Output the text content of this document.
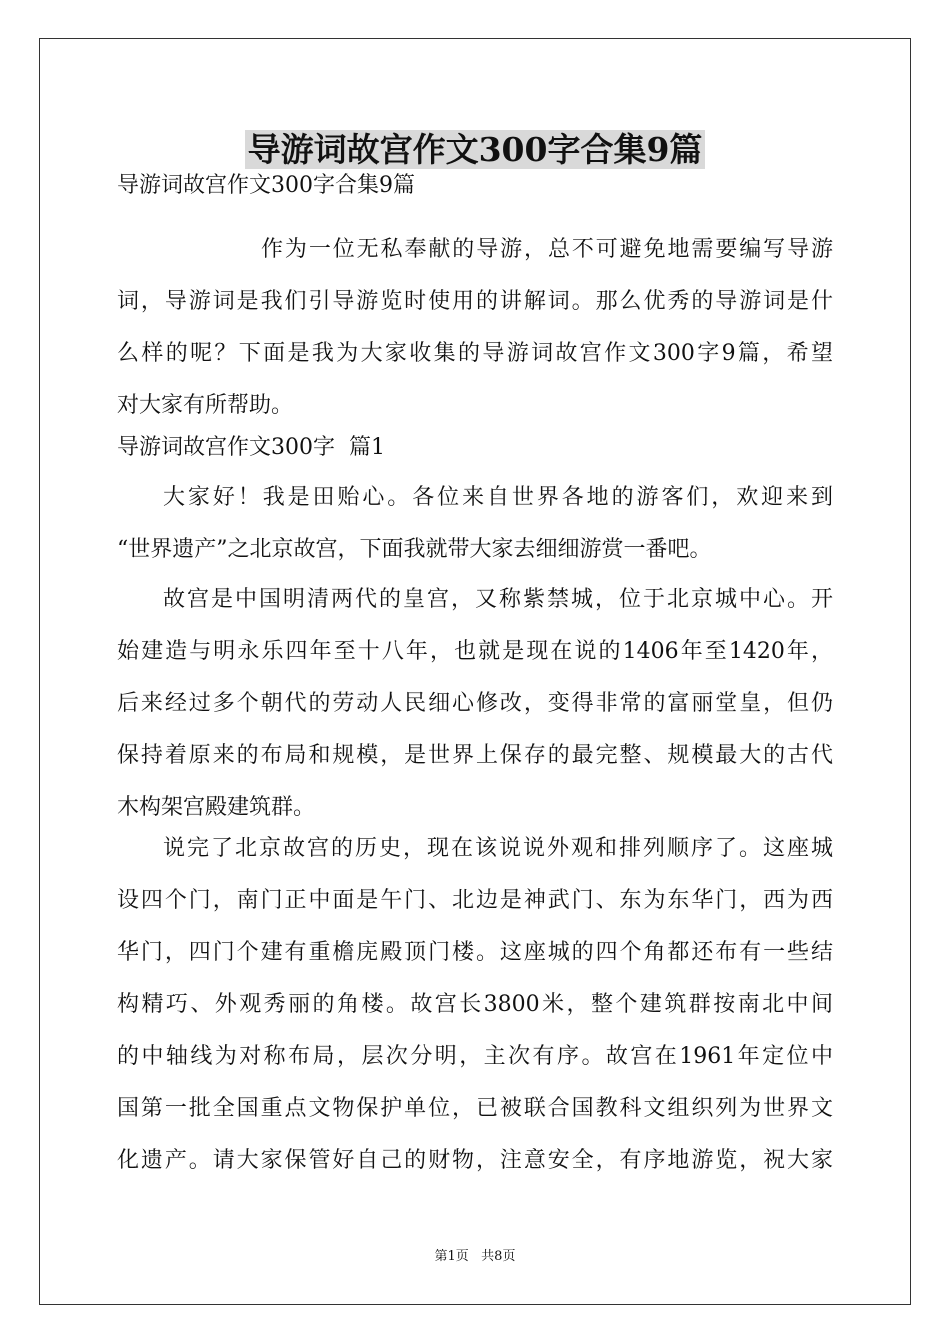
导游词故宫作文300字合集9篇
导游词故宫作文300字合集9篇
作为一位无私奉献的导游，总不可避免地需要编写导游
词，导游词是我们引导游览时使用的讲解词。那么优秀的导游词是什
么样的呢？下面是我为大家收集的导游词故宫作文300字9篇，希望
对大家有所帮助。
导游词故宫作文300字  篇1
大家好！我是田贻心。各位来自世界各地的游客们，欢迎来到
“世界遗产”之北京故宫，下面我就带大家去细细游赏一番吧。
故宫是中国明清两代的皇宫，又称紫禁城，位于北京城中心。开
始建造与明永乐四年至十八年，也就是现在说的1406年至1420年，
后来经过多个朝代的劳动人民细心修改，变得非常的富丽堂皇，但仍
保持着原来的布局和规模，是世界上保存的最完整、规模最大的古代
木构架宫殿建筑群。
说完了北京故宫的历史，现在该说说外观和排列顺序了。这座城
设四个门，南门正中面是午门、北边是神武门、东为东华门，西为西
华门，四门个建有重檐庑殿顶门楼。这座城的四个角都还布有一些结
构精巧、外观秀丽的角楼。故宫长3800米，整个建筑群按南北中间
的中轴线为对称布局，层次分明，主次有序。故宫在1961年定位中
国第一批全国重点文物保护单位，已被联合国教科文组织列为世界文
化遗产。请大家保管好自己的财物，注意安全，有序地游览，祝大家
第1页   共8页
